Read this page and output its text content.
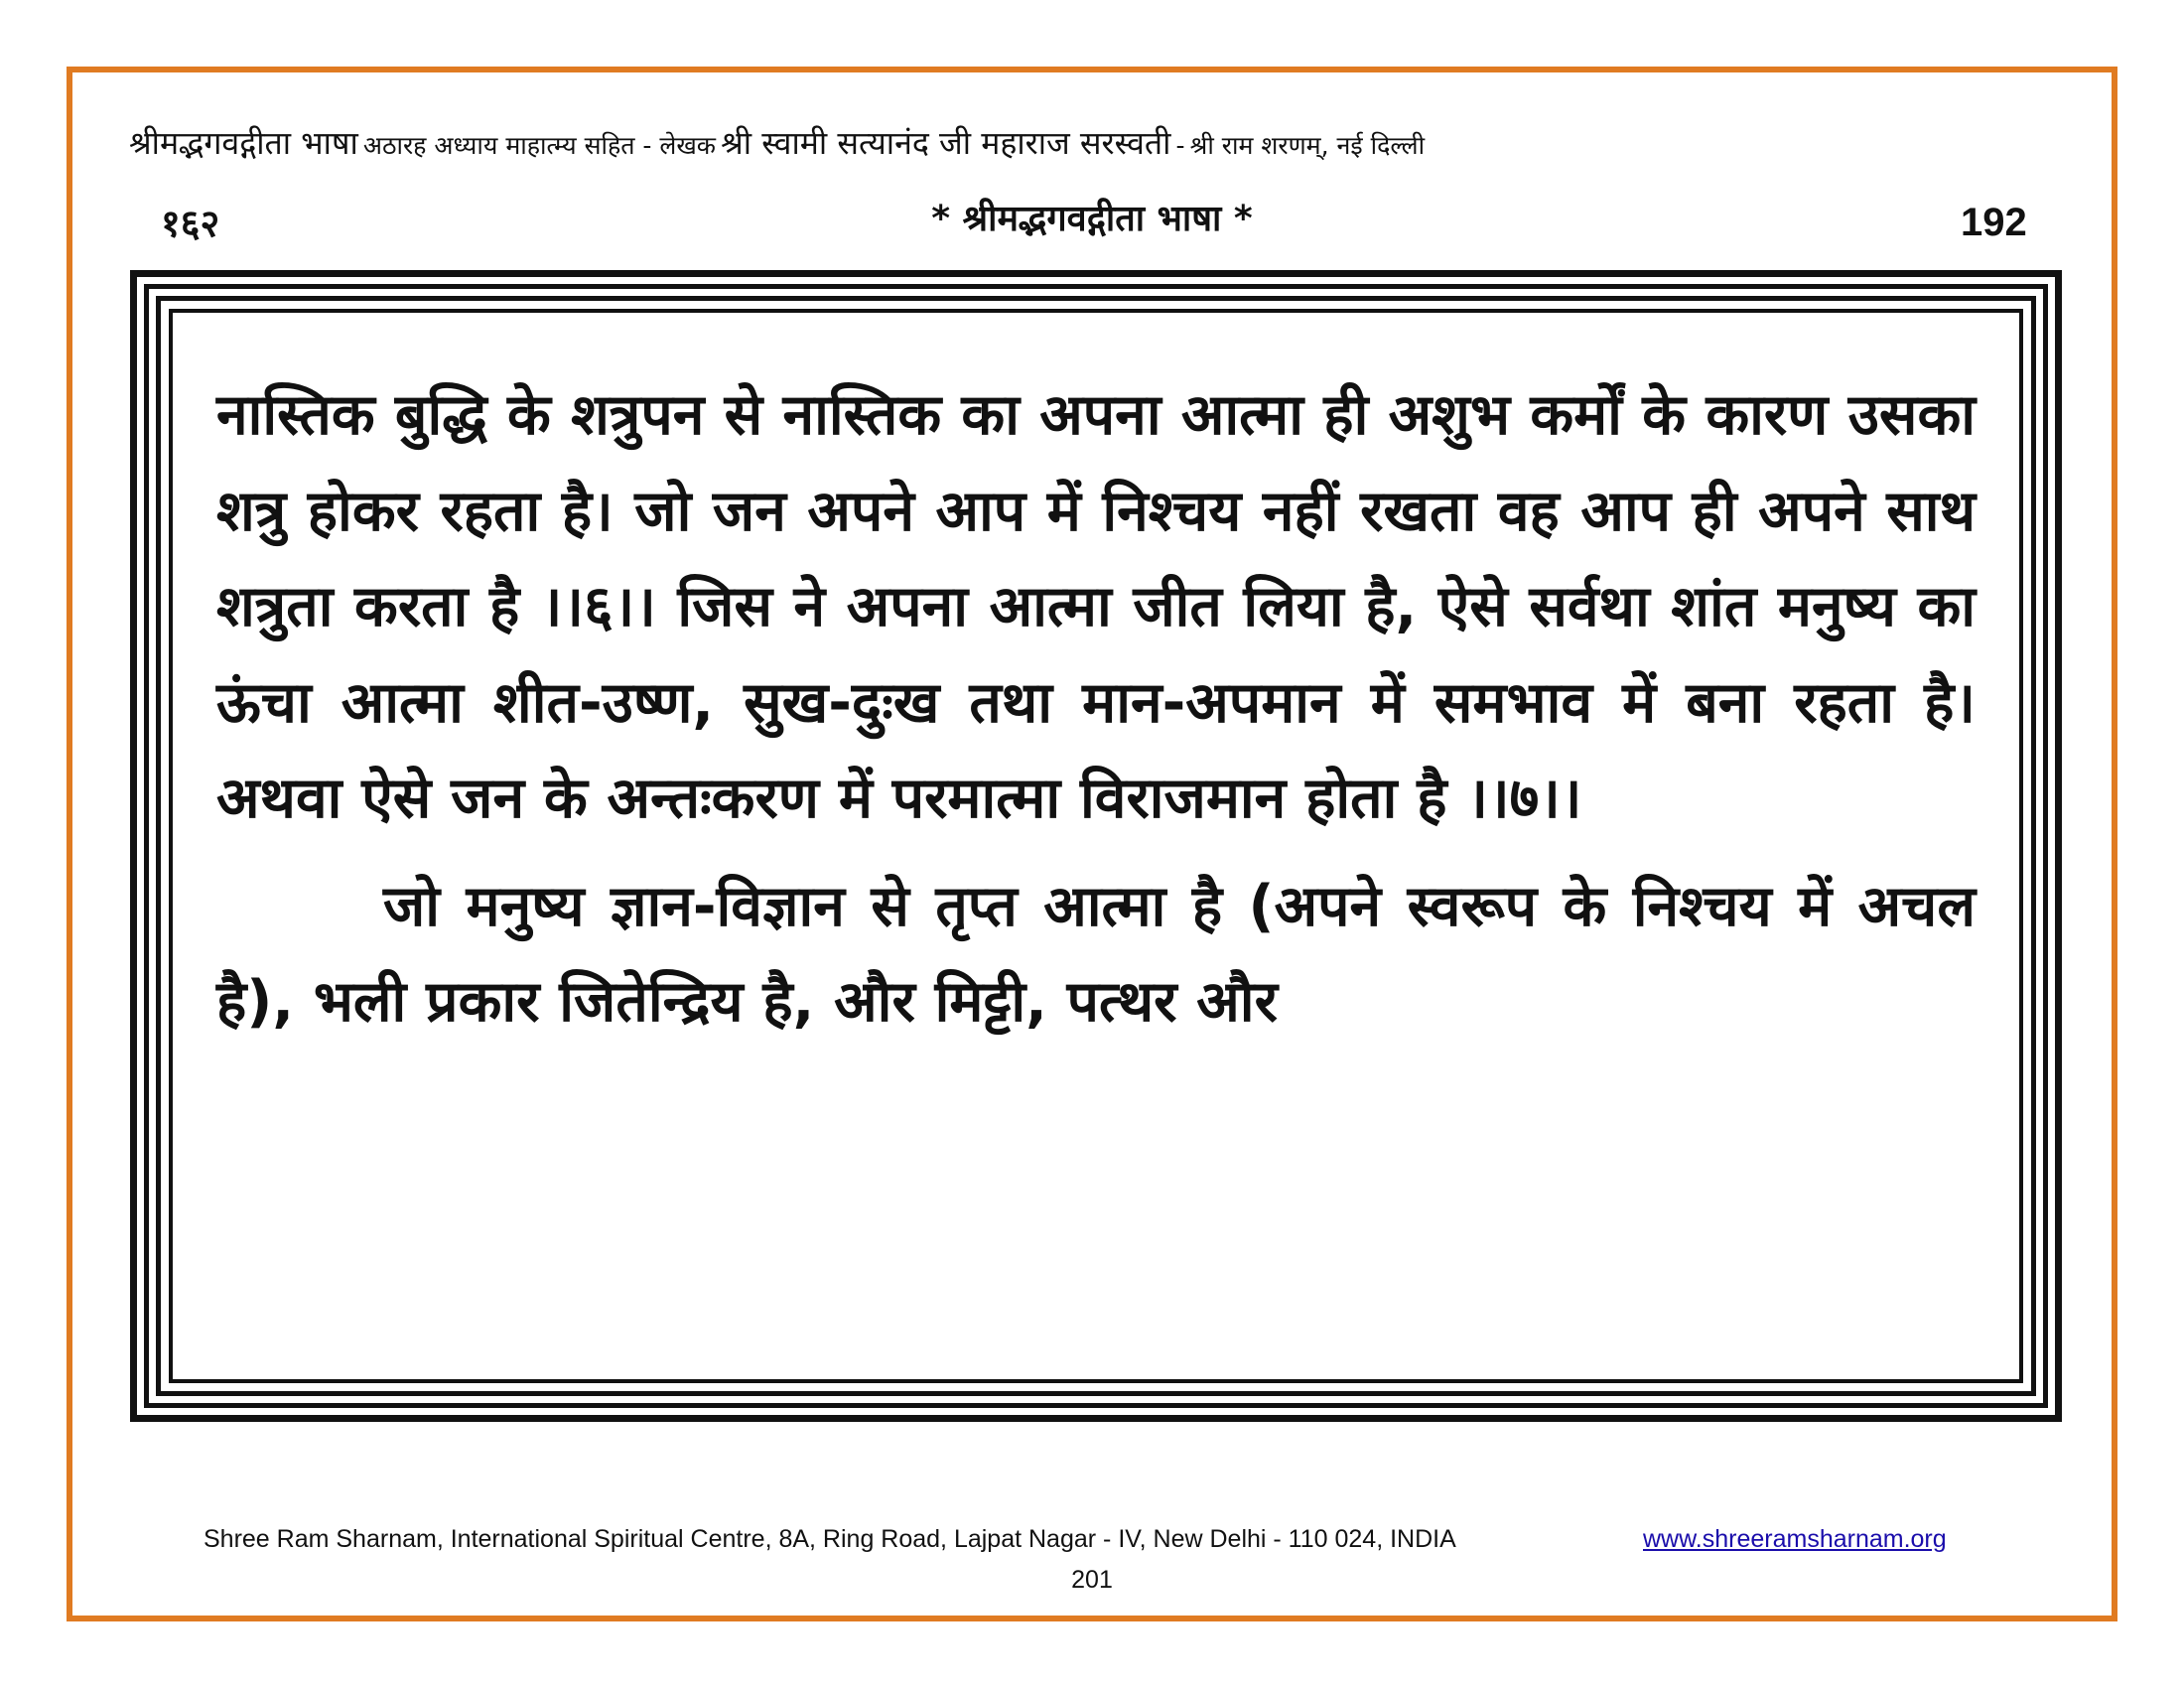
श्रीमद्भगवद्गीता भाषा अठारह अध्याय माहात्म्य सहित - लेखक श्री स्वामी सत्यानंद जी महाराज सरस्वती - श्री राम शरणम्, नई दिल्ली
१६२	* श्रीमद्भगवद्गीता भाषा *	192

नास्तिक बुद्धि के शत्रुपन से नास्तिक का अपना आत्मा ही अशुभ कर्मों के कारण उसका शत्रु होकर रहता है। जो जन अपने आप में निश्चय नहीं रखता वह आप ही अपने साथ शत्रुता करता है ।।६।। जिस ने अपना आत्मा जीत लिया है, ऐसे सर्वथा शांत मनुष्य का ऊंचा आत्मा शीत-उष्ण, सुख-दुःख तथा मान-अपमान में समभाव में बना रहता है। अथवा ऐसे जन के अन्तःकरण में परमात्मा विराजमान होता है ।।७।।

जो मनुष्य ज्ञान-विज्ञान से तृप्त आत्मा है (अपने स्वरूप के निश्चय में अचल है), भली प्रकार जितेन्द्रिय है, और मिट्टी, पत्थर और

Shree Ram Sharnam, International Spiritual Centre, 8A, Ring Road, Lajpat Nagar - IV, New Delhi - 110 024, INDIA	www.shreeramsharnam.org
201
